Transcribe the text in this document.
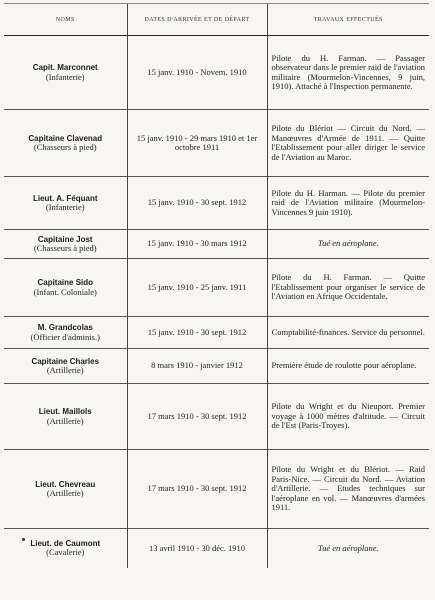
NOMS	DATES D'ARRIVÉE ET DE DÉPART	TRAVAUX EFFECTUÉS

Capit. Marconnet
(Infanterie)	15 janv. 1910 - Novem. 1910	Pilote du H. Farman. — Passager observateur dans le premier raid de l'aviation militaire (Mourmelon-Vincennes, 9 juin, 1910). Attaché à l'Inspection permanente.

Capitaine Clavenad
(Chasseurs à pied)	15 janv. 1910 - 29 mars 1910 et 1er octobre 1911	Pilote du Blériot — Circuit du Nord. — Manœuvres d'Armée de 1911. — Quitte l'Etablissement pour aller diriger le service de l'Aviation au Maroc.

Lieut. A. Féquant
(Infanterie)	15 janv. 1910 - 30 sept. 1912	Pilote du H. Harman. — Pilote du premier raid de l'Aviation militaire (Mourmelon-Vincennes 9 juin 1910).

Capitaine Jost
(Chasseurs à pied)	15 janv. 1910 - 30 mars 1912	Tué en aéroplane.

Capitaine Sido
(Infant. Coloniale)	15 janv. 1910 - 25 janv. 1911	Pilote du H. Farman. — Quitte l'Etablissement pour organiser le service de l'Aviation en Afrique Occidentale.

M. Grandcolas
(Officier d'adminis.)	15 janv. 1910 - 30 sept. 1912	Comptabilité-finances. Service du personnel.

Capitaine Charles
(Artillerie)	8 mars 1910 - janvier 1912	Première étude de roulotte pour aéroplane.

Lieut. Maillols
(Artillerie)	17 mars 1910 - 30 sept. 1912	Pilote du Wright et du Nieuport. Premier voyage à 1000 mètres d'altitude. — Circuit de l'Est (Paris-Troyes).

Lieut. Chevreau
(Artillerie)	17 mars 1910 - 30 sept. 1912	Pilote du Wright et du Blériot. — Raid Paris-Nice. — Circuit du Nord. — Aviation d'Artillerie. — Etudes techniques sur l'aéroplane en vol. — Manœuvres d'armées 1911.

Lieut. de Caumont
(Cavalerie)	13 avril 1910 - 30 déc. 1910	Tué en aéroplane.
